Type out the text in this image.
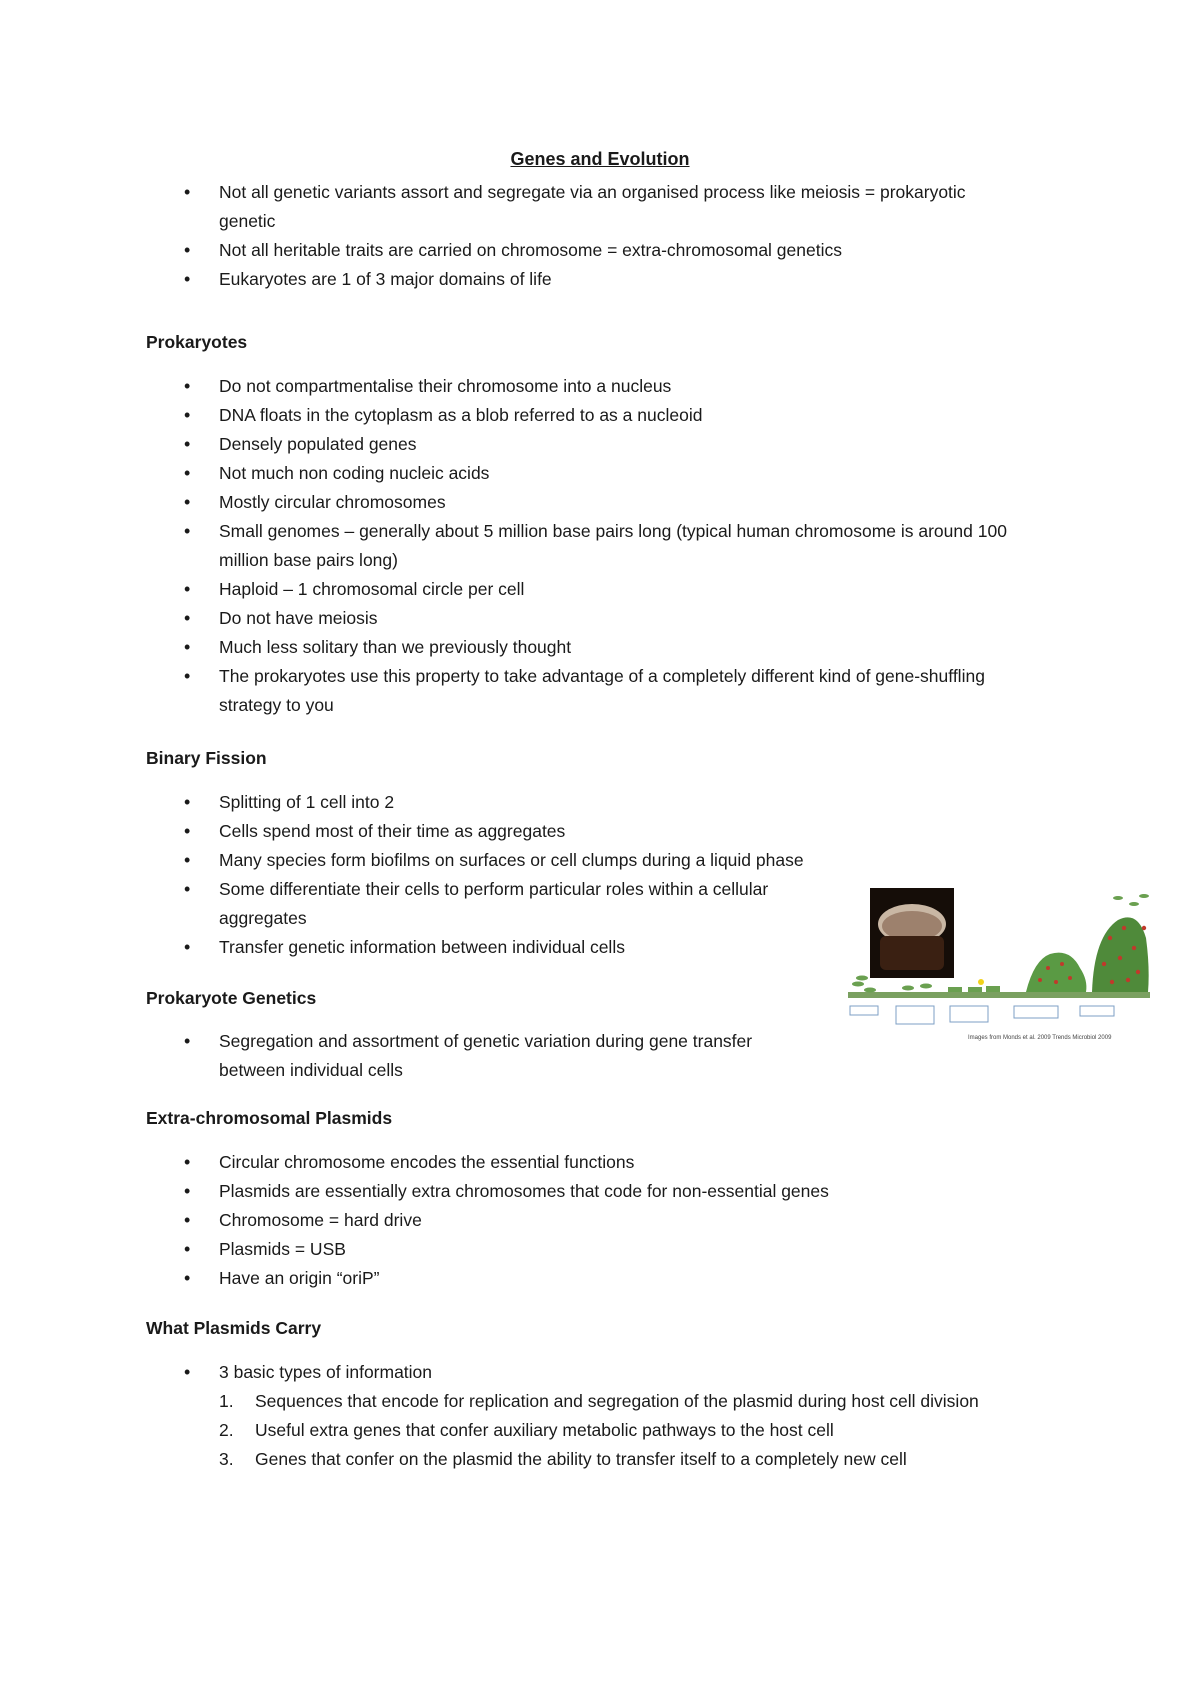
Genes and Evolution
• Not all genetic variants assort and segregate via an organised process like meiosis = prokaryotic genetic
• Not all heritable traits are carried on chromosome = extra-chromosomal genetics
• Eukaryotes are 1 of 3 major domains of life
Prokaryotes
• Do not compartmentalise their chromosome into a nucleus
• DNA floats in the cytoplasm as a blob referred to as a nucleoid
• Densely populated genes
• Not much non coding nucleic acids
• Mostly circular chromosomes
• Small genomes – generally about 5 million base pairs long (typical human chromosome is around 100 million base pairs long)
• Haploid – 1 chromosomal circle per cell
• Do not have meiosis
• Much less solitary than we previously thought
• The prokaryotes use this property to take advantage of a completely different kind of gene-shuffling strategy to you
Binary Fission
• Splitting of 1 cell into 2
• Cells spend most of their time as aggregates
• Many species form biofilms on surfaces or cell clumps during a liquid phase
• Some differentiate their cells to perform particular roles within a cellular aggregates
• Transfer genetic information between individual cells
Images from Monds et al. 2009 Trends Microbiol 2009
Prokaryote Genetics
• Segregation and assortment of genetic variation during gene transfer between individual cells
Extra-chromosomal Plasmids
• Circular chromosome encodes the essential functions
• Plasmids are essentially extra chromosomes that code for non-essential genes
• Chromosome = hard drive
• Plasmids = USB
• Have an origin “oriP”
What Plasmids Carry
• 3 basic types of information
1. Sequences that encode for replication and segregation of the plasmid during host cell division
2. Useful extra genes that confer auxiliary metabolic pathways to the host cell
3. Genes that confer on the plasmid the ability to transfer itself to a completely new cell
